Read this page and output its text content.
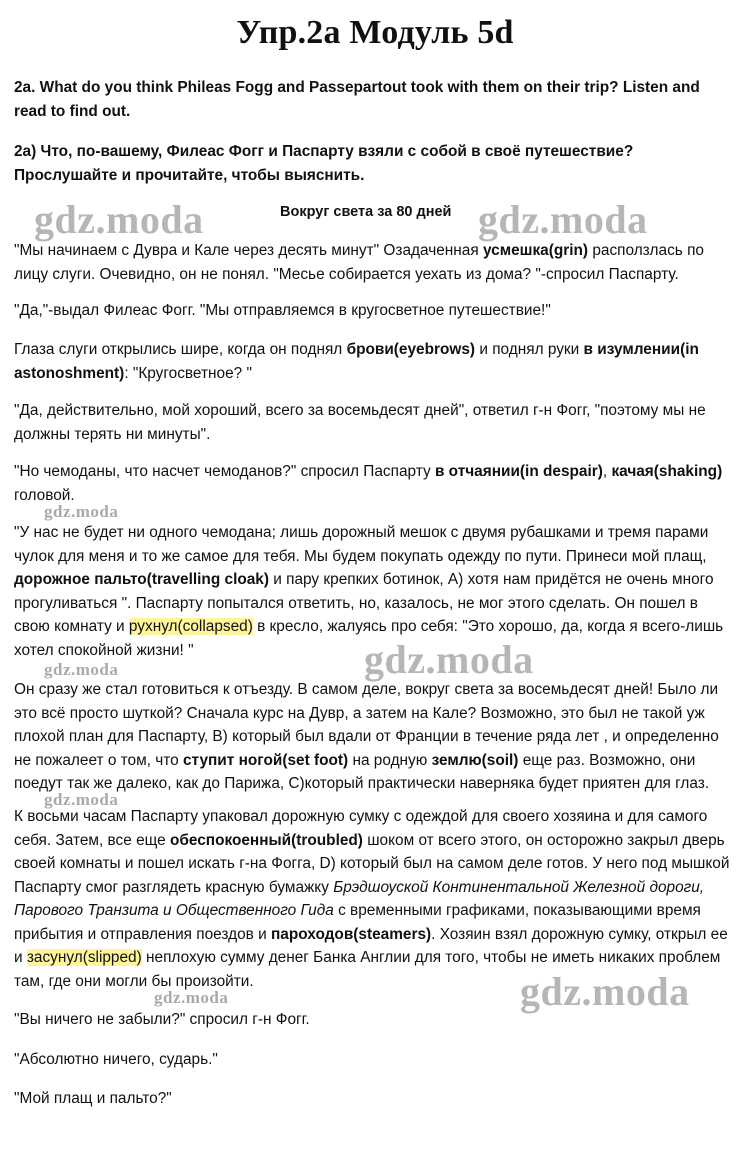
Упр.2а Модуль 5d

2a. What do you think Phileas Fogg and Passepartout took with them on their trip? Listen and read to find out.

2а) Что, по-вашему, Филеас Фогг и Паспарту взяли с собой в своё путешествие? Прослушайте и прочитайте, чтобы выяснить.

Вокруг света за 80 дней

"Мы начинаем с Дувра и Кале через десять минут" Озадаченная усмешка(grin) расползлась по лицу слуги. Очевидно, он не понял. "Месье собирается уехать из дома? "-спросил Паспарту.

"Да,"-выдал Филеас Фогг. "Мы отправляемся в кругосветное путешествие!"

Глаза слуги открылись шире, когда он поднял брови(eyebrows) и поднял руки в изумлении(in astonoshment): "Кругосветное? "

"Да, действительно, мой хороший, всего за восемьдесят дней", ответил г-н Фогг, "поэтому мы не должны терять ни минуты".

"Но чемоданы, что насчет чемоданов?" спросил Паспарту в отчаянии(in despair), качая(shaking) головой.

"У нас не будет ни одного чемодана; лишь дорожный мешок с двумя рубашками и тремя парами чулок для меня и то же самое для тебя. Мы будем покупать одежду по пути. Принеси мой плащ, дорожное пальто(travelling cloak) и пару крепких ботинок, А) хотя нам придётся не очень много прогуливаться ". Паспарту попытался ответить, но, казалось, не мог этого сделать. Он пошел в свою комнату и рухнул(collapsed) в кресло, жалуясь про себя: "Это хорошо, да, когда я всего-лишь хотел спокойной жизни! "

Он сразу же стал готовиться к отъезду. В самом деле, вокруг света за восемьдесят дней! Было ли это всё просто шуткой? Сначала курс на Дувр, а затем на Кале? Возможно, это был не такой уж плохой план для Паспарту, B) который был вдали от Франции в течение ряда лет , и определенно не пожалеет о том, что ступит ногой(set foot) на родную землю(soil) еще раз. Возможно, они поедут так же далеко, как до Парижа, C)который практически наверняка будет приятен для глаз.

К восьми часам Паспарту упаковал дорожную сумку с одеждой для своего хозяина и для самого себя. Затем, все еще обеспокоенный(troubled) шоком от всего этого, он осторожно закрыл дверь своей комнаты и пошел искать г-на Фогга, D) который был на самом деле готов. У него под мышкой Паспарту смог разглядеть красную бумажку Брэдшоуской Континентальной Железной дороги, Парового Транзита и Общественного Гида с временными графиками, показывающими время прибытия и отправления поездов и пароходов(steamers). Хозяин взял дорожную сумку, открыл ее и засунул(slipped) неплохую сумму денег Банка Англии для того, чтобы не иметь никаких проблем там, где они могли бы произойти.

"Вы ничего не забыли?" спросил г-н Фогг.

"Абсолютно ничего, сударь."

"Мой плащ и пальто?"

gdz.moda	gdz.moda
gdz.moda
gdz.moda
gdz.moda
gdz.moda
gdz.moda
gdz.moda
